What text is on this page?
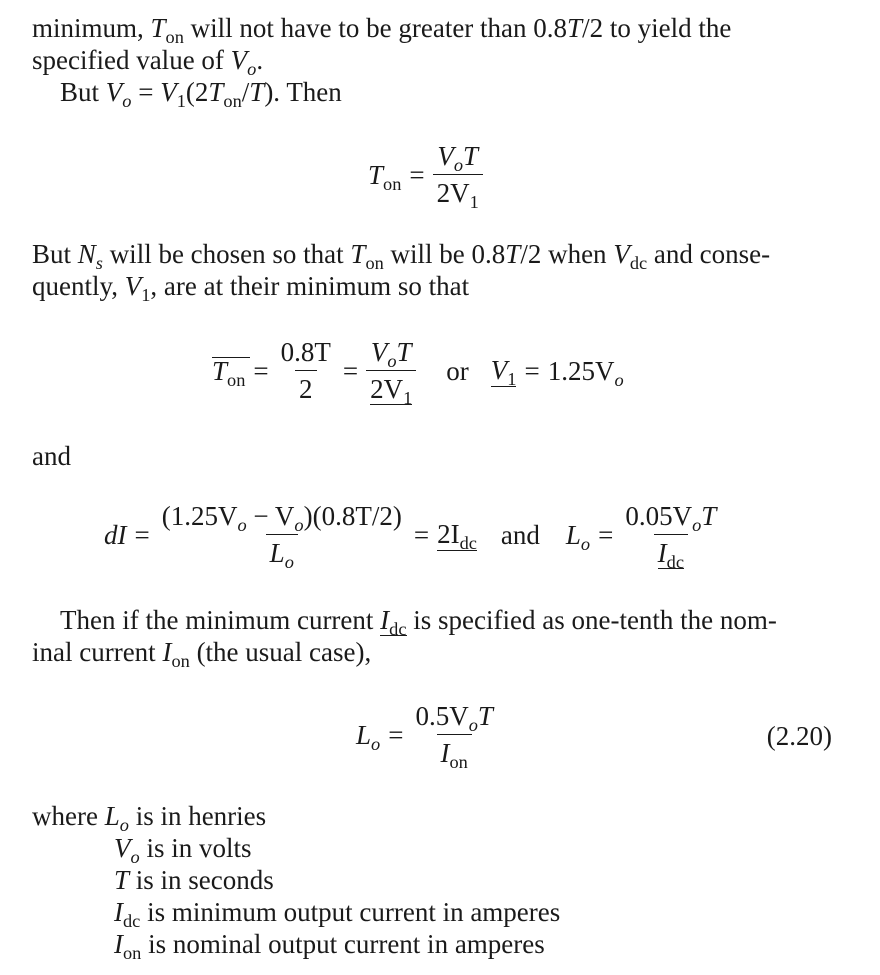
minimum, $T_{on}$ will not have to be greater than 0.8T/2 to yield the
specified value of $V_o$.
But $V_o = V_1(2T_{on}/T)$. Then
$T_{on} = \frac{V_oT}{2V_1}$
But $N_s$ will be chosen so that $T_{on}$ will be 0.8T/2 when $V_{dc}$ and conse-
quently, $V_1$, are at their minimum so that
$T_{on} = \frac{0.8T}{2} = \frac{V_oT}{2V_1}$ or $V_1 = 1.25V_o$
and
dI = $\frac{(1.25V_o - V_o)(0.8T/2)}{L_o} = 2I_{dc}$ and $L_o = \frac{0.05V_oT}{I_{dc}}$
Then if the minimum current $I_{dc}$ is specified as one-tenth the nom-
inal current $I_{on}$ (the usual case),
$L_o = \frac{0.5V_oT}{I_{on}}$	(2.20)
where $L_o$ is in henries
$V_o$ is in volts
T is in seconds
$I_{dc}$ is minimum output current in amperes
$I_{on}$ is nominal output current in amperes
